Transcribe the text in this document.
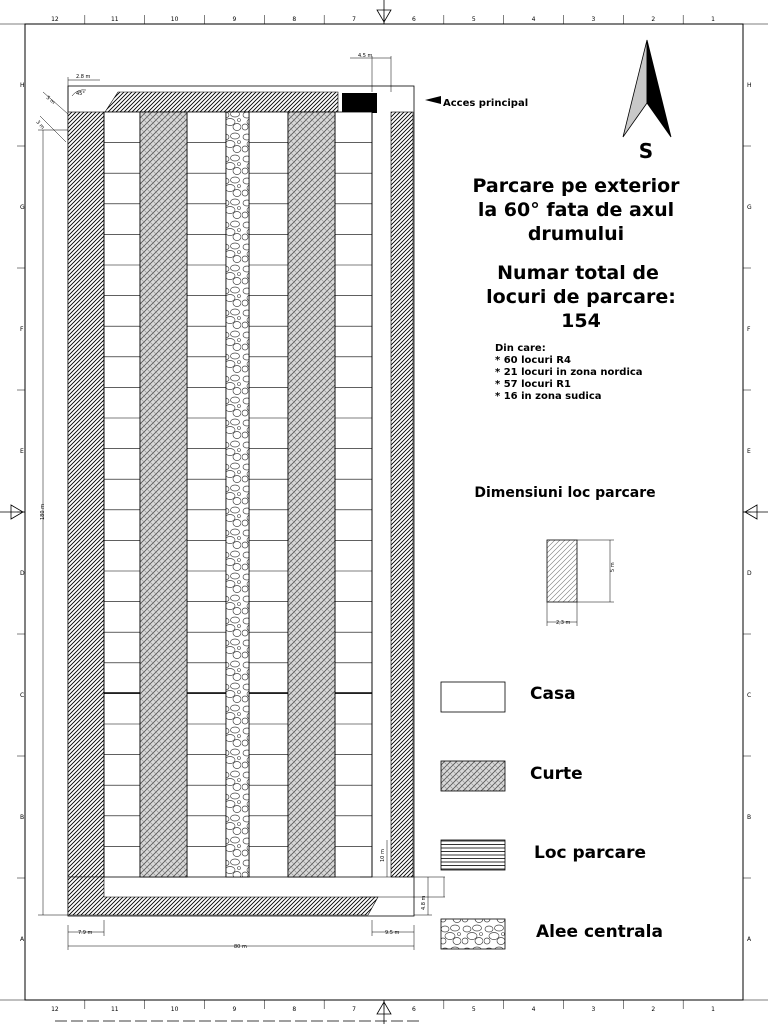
12	11	10	9	8	7	6	5	4	3	2	1
12	11	10	9	8	7	6	5	4	3	2	1
H
G
F
E
D
C
B
A
H
G
F
E
D
C
B
A
2.8 m
4.5 m
45°
5 m
3 m
180 m
7.9 m
80 m
9.5 m
10 m
4.8 m
Acces principal
S
Parcare pe exterior
la 60° fata de axul
drumului
Numar total de
locuri de parcare:
154
Din care:
* 60 locuri R4
* 21 locuri in zona nordica
* 57 locuri R1
* 16 in zona sudica
Dimensiuni loc parcare
5 m
2,3 m
Casa
Curte
Loc parcare
Alee centrala
